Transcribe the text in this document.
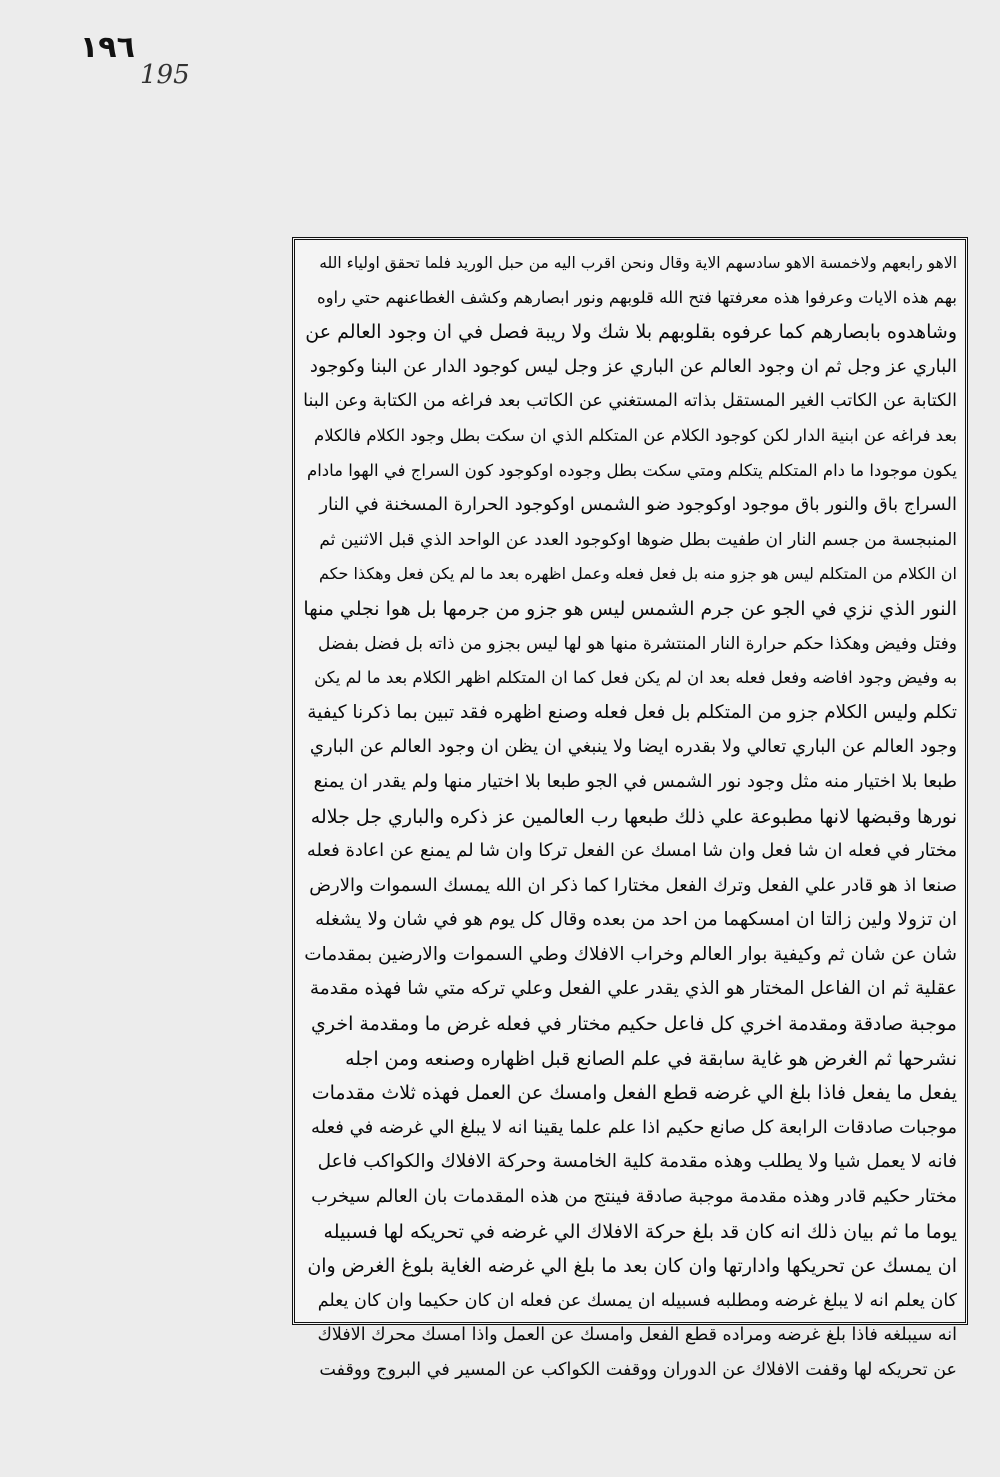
١٩٦
195
الاهو رابعهم ولاخمسة الاهو سادسهم الاية وقال ونحن اقرب اليه من حبل الوريد فلما تحقق اولياء الله
بهم هذه الايات وعرفوا هذه معرفتها فتح الله قلوبهم ونور ابصارهم وكشف الغطاعنهم حتي راوه
وشاهدوه بابصارهم كما عرفوه بقلوبهم بلا شك ولا ريبة فصل في ان وجود العالم عن
الباري عز وجل ثم ان وجود العالم عن الباري عز وجل ليس كوجود الدار عن البنا وكوجود
الكتابة عن الكاتب الغير المستقل بذاته المستغني عن الكاتب بعد فراغه من الكتابة وعن البنا
بعد فراغه عن ابنية الدار لكن كوجود الكلام عن المتكلم الذي ان سكت بطل وجود الكلام فالكلام
يكون موجودا ما دام المتكلم يتكلم ومتي سكت بطل وجوده اوكوجود كون السراج في الهوا مادام
السراج باق والنور باق موجود اوكوجود ضو الشمس اوكوجود الحرارة المسخنة في النار
المنبجسة من جسم النار ان طفيت بطل ضوها اوكوجود العدد عن الواحد الذي قبل الاثنين ثم
ان الكلام من المتكلم ليس هو جزو منه بل فعل فعله وعمل اظهره بعد ما لم يكن فعل وهكذا حكم
النور الذي نزي في الجو عن جرم الشمس ليس هو جزو من جرمها بل هوا نجلي منها
وفتل وفيض وهكذا حكم حرارة النار المنتشرة منها هو لها ليس بجزو من ذاته بل فضل بفضل
به وفيض وجود افاضه وفعل فعله بعد ان لم يكن فعل كما ان المتكلم اظهر الكلام بعد ما لم يكن
تكلم وليس الكلام جزو من المتكلم بل فعل فعله وصنع اظهره فقد تبين بما ذكرنا كيفية
وجود العالم عن الباري تعالي ولا بقدره ايضا ولا ينبغي ان يظن ان وجود العالم عن الباري
طبعا بلا اختيار منه مثل وجود نور الشمس في الجو طبعا بلا اختيار منها ولم يقدر ان يمنع
نورها وقبضها لانها مطبوعة علي ذلك طبعها رب العالمين عز ذكره والباري جل جلاله
مختار في فعله ان شا فعل وان شا امسك عن الفعل تركا وان شا لم يمنع عن اعادة فعله
صنعا اذ هو قادر علي الفعل وترك الفعل مختارا كما ذكر ان الله يمسك السموات والارض
ان تزولا ولين زالتا ان امسكهما من احد من بعده وقال كل يوم هو في شان ولا يشغله
شان عن شان ثم وكيفية بوار العالم وخراب الافلاك وطي السموات والارضين بمقدمات
عقلية ثم ان الفاعل المختار هو الذي يقدر علي الفعل وعلي تركه متي شا فهذه مقدمة
موجبة صادقة ومقدمة اخري كل فاعل حكيم مختار في فعله غرض ما ومقدمة اخري
نشرحها ثم الغرض هو غاية سابقة في علم الصانع قبل اظهاره وصنعه ومن اجله
يفعل ما يفعل فاذا بلغ الي غرضه قطع الفعل وامسك عن العمل فهذه ثلاث مقدمات
موجبات صادقات الرابعة كل صانع حكيم اذا علم علما يقينا انه لا يبلغ الي غرضه في فعله
فانه لا يعمل شيا ولا يطلب وهذه مقدمة كلية الخامسة وحركة الافلاك والكواكب فاعل
مختار حكيم قادر وهذه مقدمة موجبة صادقة فينتج من هذه المقدمات بان العالم سيخرب
يوما ما ثم بيان ذلك انه كان قد بلغ حركة الافلاك الي غرضه في تحريكه لها فسبيله
ان يمسك عن تحريكها وادارتها وان كان بعد ما بلغ الي غرضه الغاية بلوغ الغرض وان
كان يعلم انه لا يبلغ غرضه ومطلبه فسبيله ان يمسك عن فعله ان كان حكيما وان كان يعلم
انه سيبلغه فاذا بلغ غرضه ومراده قطع الفعل وامسك عن العمل واذا امسك محرك الافلاك
عن تحريكه لها وقفت الافلاك عن الدوران ووقفت الكواكب عن المسير في البروج ووقفت
